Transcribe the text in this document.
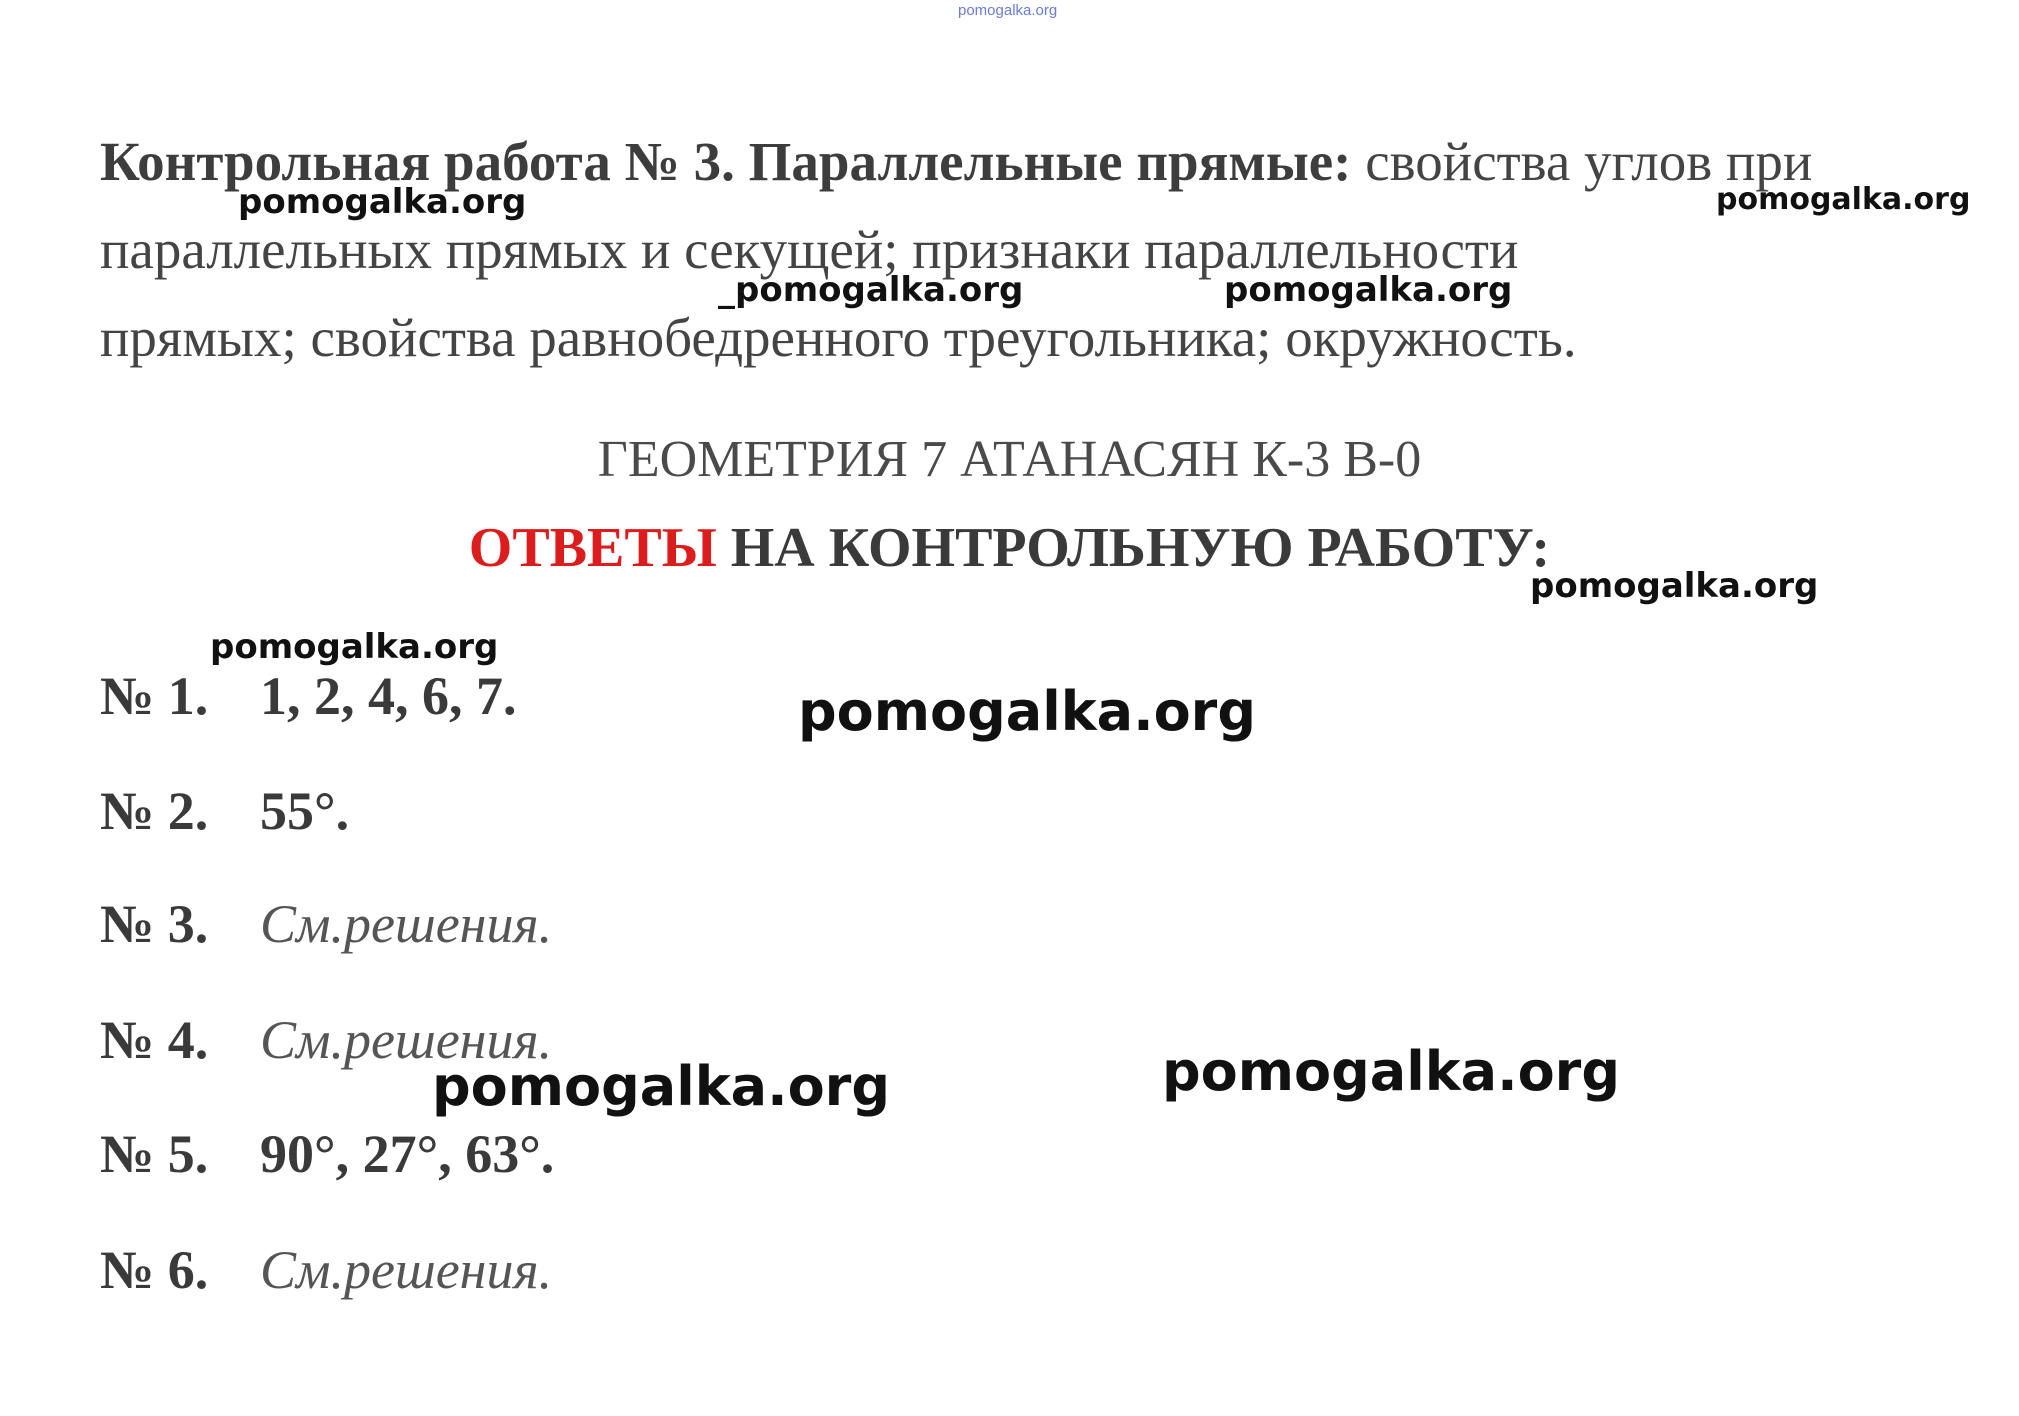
pomogalka.org
Контрольная работа № 3. Параллельные прямые: свойства углов при
параллельных прямых и секущей; признаки параллельности
прямых; свойства равнобедренного треугольника; окружность.
ГЕОМЕТРИЯ 7 АТАНАСЯН К-3 В-0
ОТВЕТЫ НА КОНТРОЛЬНУЮ РАБОТУ:
№ 1. 1, 2, 4, 6, 7.
№ 2. 55°.
№ 3. См.решения.
№ 4. См.решения.
№ 5. 90°, 27°, 63°.
№ 6. См.решения.
pomogalka.org	pomogalka.org
_pomogalka.org	pomogalka.org
pomogalka.org
pomogalka.org
pomogalka.org
pomogalka.org
pomogalka.org
